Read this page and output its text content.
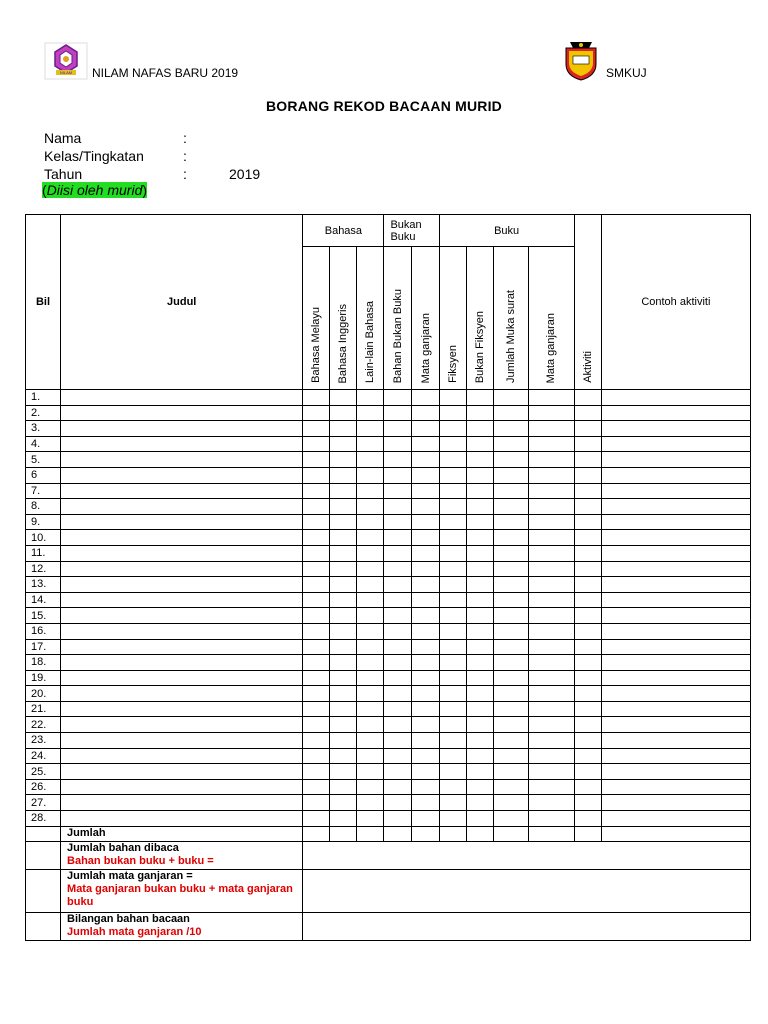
NILAM NILAM NAFAS BARU 2019	SMKUJ
BORANG REKOD BACAAN MURID
Nama	:
Kelas/Tingkatan	:
Tahun	:	2019
(Diisi oleh murid)
Bil	Judul	Bahasa			Bukan Buku		Buku				Aktiviti	Contoh aktiviti

		Bahasa Melayu	Bahasa Inggeris	Lain-lain Bahasa	Bahan Bukan Buku	Mata ganjaran	Fiksyen	Bukan Fiksyen	Jumlah Muka surat	Mata ganjaran		

1.												
2.												
3.												
4.												
5.												
6												
7.												
8.												
9.												
10.												
11.												
12.												
13.												
14.												
15.												
16.												
17.												
18.												
19.												
20.												
21.												
22.												
23.												
24.												
25.												
26.												
27.												
28.												
	Jumlah											

	Jumlah bahan dibaca
Bahan bukan buku + buku =											

	Jumlah mata ganjaran =
Mata ganjaran bukan buku + mata ganjaran buku											

	Bilangan bahan bacaan
Jumlah mata ganjaran /10											
